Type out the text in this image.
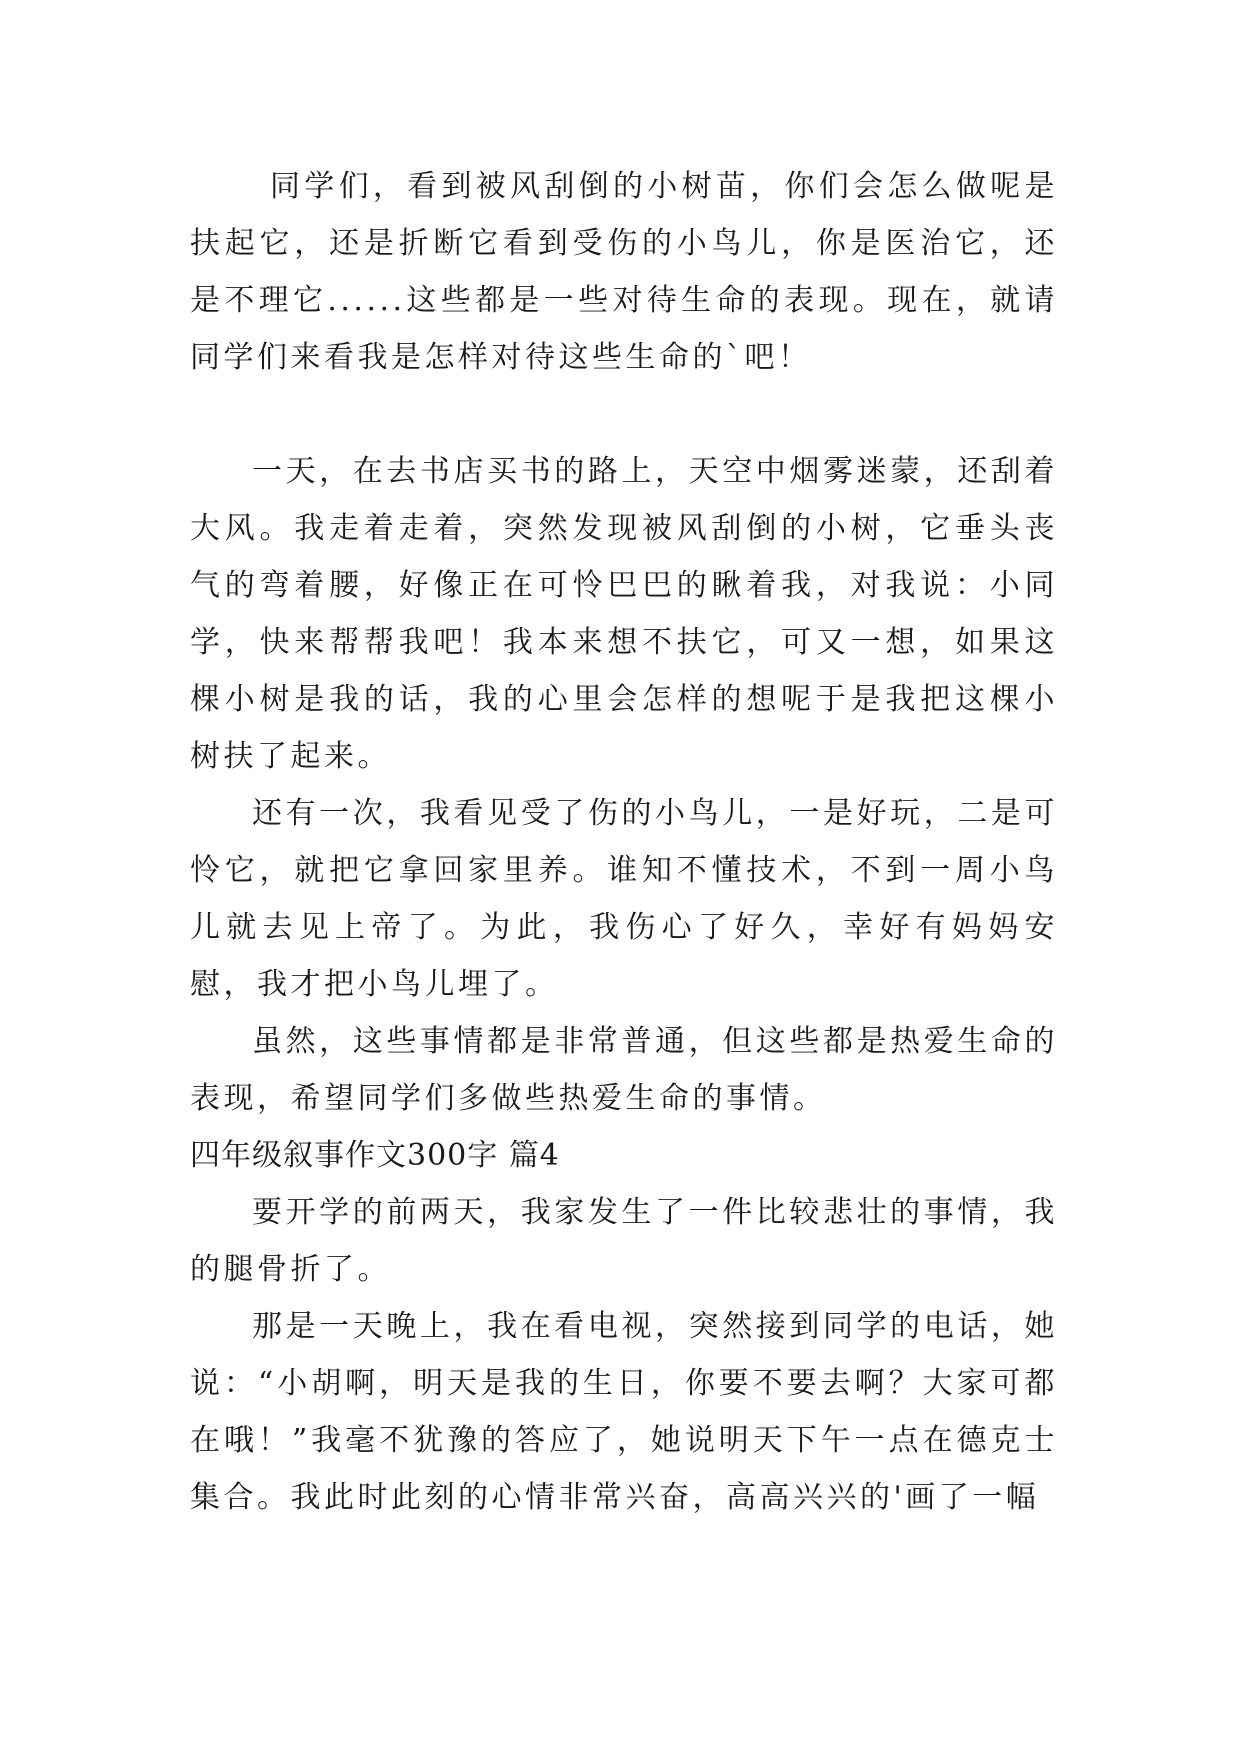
同学们，看到被风刮倒的小树苗，你们会怎么做呢是扶起它，还是折断它看到受伤的小鸟儿，你是医治它，还是不理它......这些都是一些对待生命的表现。现在，就请同学们来看我是怎样对待这些生命的`吧！

一天，在去书店买书的路上，天空中烟雾迷蒙，还刮着大风。我走着走着，突然发现被风刮倒的小树，它垂头丧气的弯着腰，好像正在可怜巴巴的瞅着我，对我说：小同学，快来帮帮我吧！我本来想不扶它，可又一想，如果这棵小树是我的话，我的心里会怎样的想呢于是我把这棵小树扶了起来。

还有一次，我看见受了伤的小鸟儿，一是好玩，二是可怜它，就把它拿回家里养。谁知不懂技术，不到一周小鸟儿就去见上帝了。为此，我伤心了好久，幸好有妈妈安慰，我才把小鸟儿埋了。

虽然，这些事情都是非常普通，但这些都是热爱生命的表现，希望同学们多做些热爱生命的事情。

四年级叙事作文300字 篇4

要开学的前两天，我家发生了一件比较悲壮的事情，我的腿骨折了。

那是一天晚上，我在看电视，突然接到同学的电话，她说：“小胡啊，明天是我的生日，你要不要去啊？大家可都在哦！”我毫不犹豫的答应了，她说明天下午一点在德克士集合。我此时此刻的心情非常兴奋，高高兴兴的'画了一幅
